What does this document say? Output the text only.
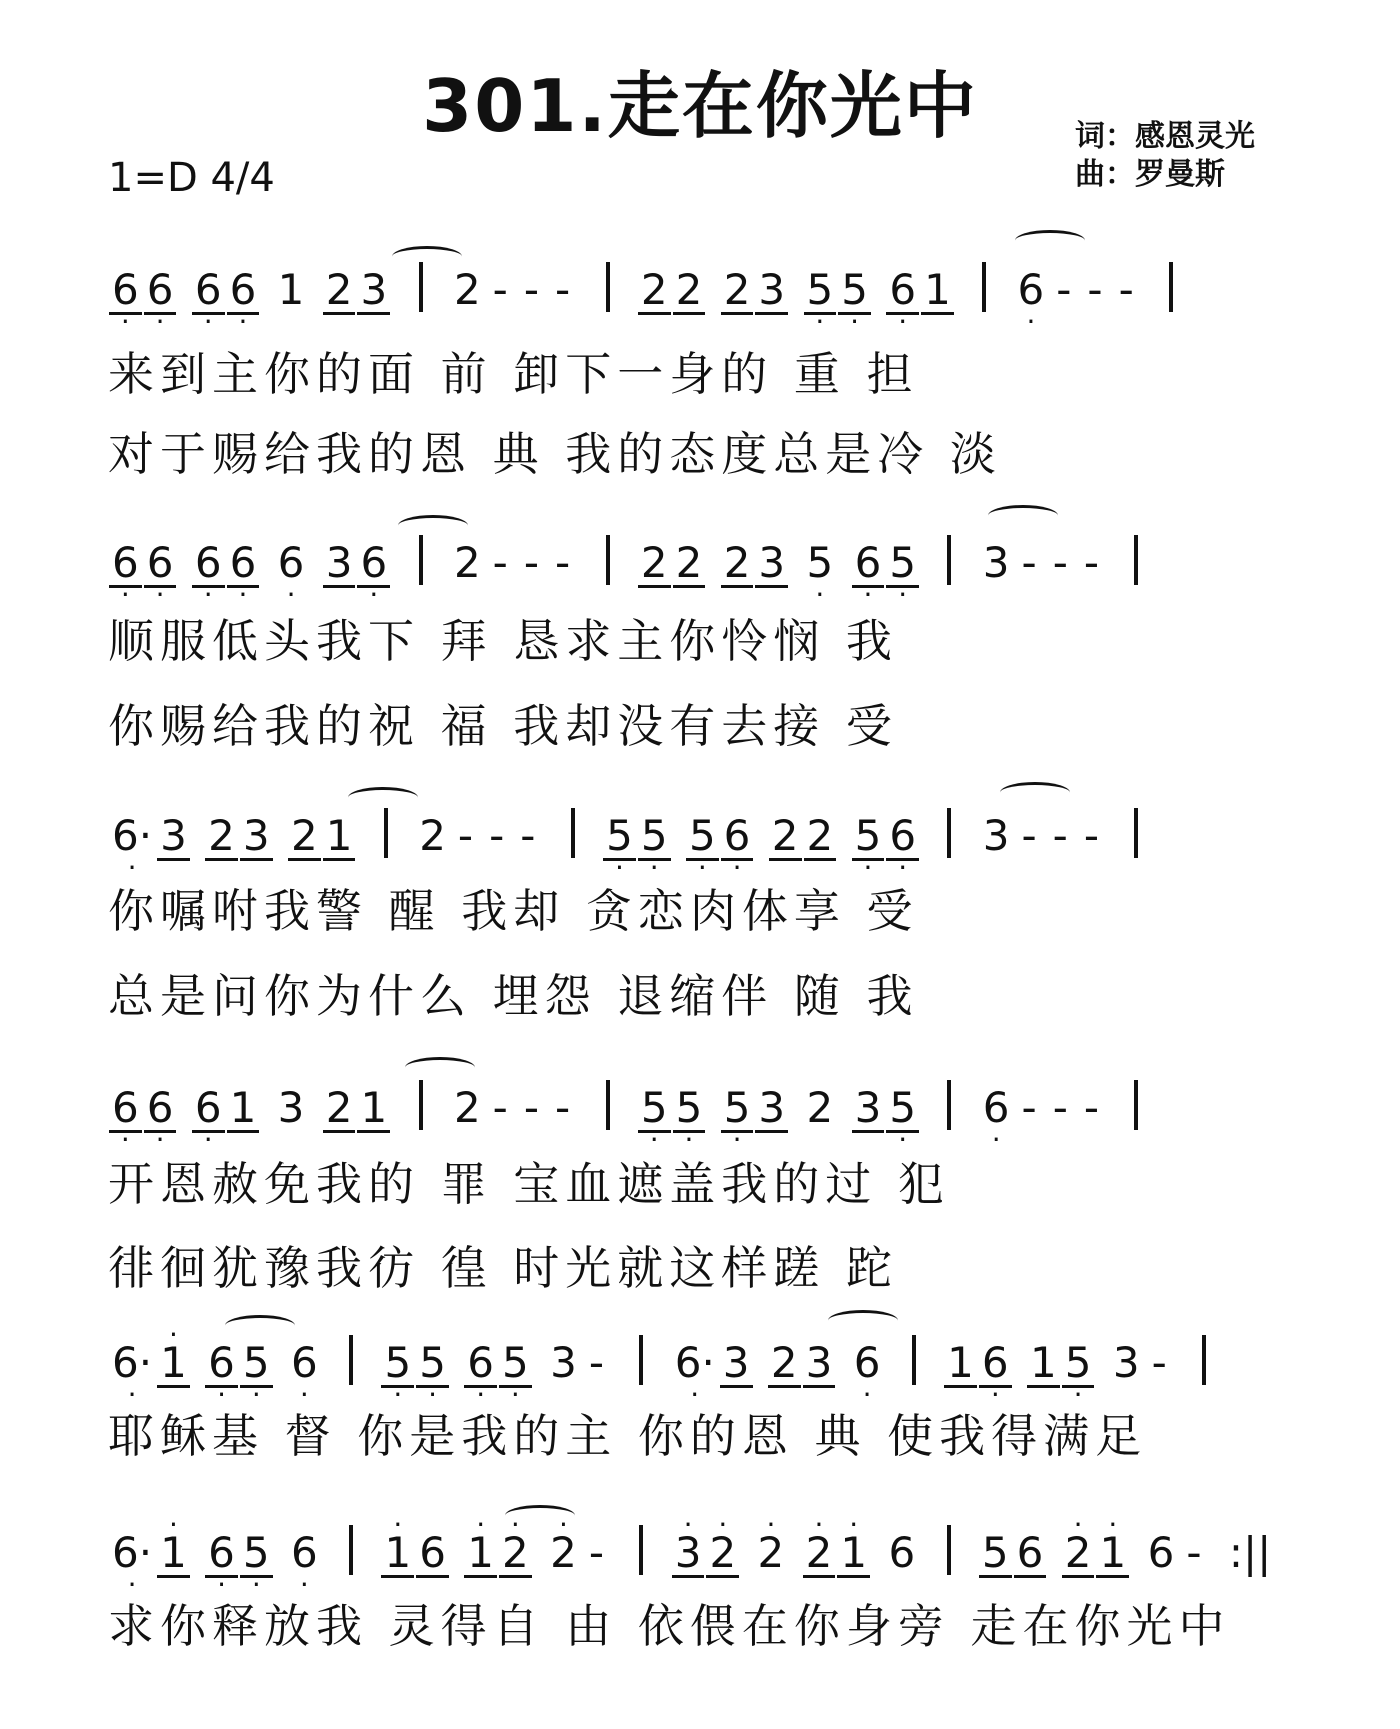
301.走在你光中	词：感恩灵光
曲：罗曼斯
1=D 4/4
· 6 · 6 · 6 · 6 1 2 3 2 - - - 2 2 2 3 · 5 · 5 · 6 1 · 6 - - -
来到主你的面 前 卸下一身的 重 担
对于赐给我的恩 典 我的态度总是冷 淡
· 6 · 6 · 6 · 6 · 6 3 · 6 2 - - - 2 2 2 3 · 5 · 6 · 5 3 - - -
顺服低头我下 拜 恳求主你怜悯 我
你赐给我的祝 福 我却没有去接 受
· 6· 3 2 3 2 1 2 - - - · 5 · 5 · 5 · 6 2 2 · 5 · 6 3 - - -
你嘱咐我警 醒 我却 贪恋肉体享 受
总是问你为什么 埋怨 退缩伴 随 我
· 6 · 6 · 6 1 3 2 1 2 - - - · 5 · 5 · 5 3 2 3 · 5 · 6 - - -
开恩赦免我的 罪 宝血遮盖我的过 犯
徘徊犹豫我彷 徨 时光就这样蹉 跎
· 6· · 1 · 6 · 5 · 6 · 5 · 5 · 6 · 5 3 - · 6· 3 2 3 · 6 1 · 6 1 · 5 3 -
耶稣基 督 你是我的主 你的恩 典 使我得满足
· 6· · 1 · 6 · 5 · 6 · 1 6 · 1 · 2 · 2 - · 3 · 2 · 2 · 2 · 1 6 5 6 · 2 · 1 6 - :||
求你释放我 灵得自 由 依偎在你身旁 走在你光中
